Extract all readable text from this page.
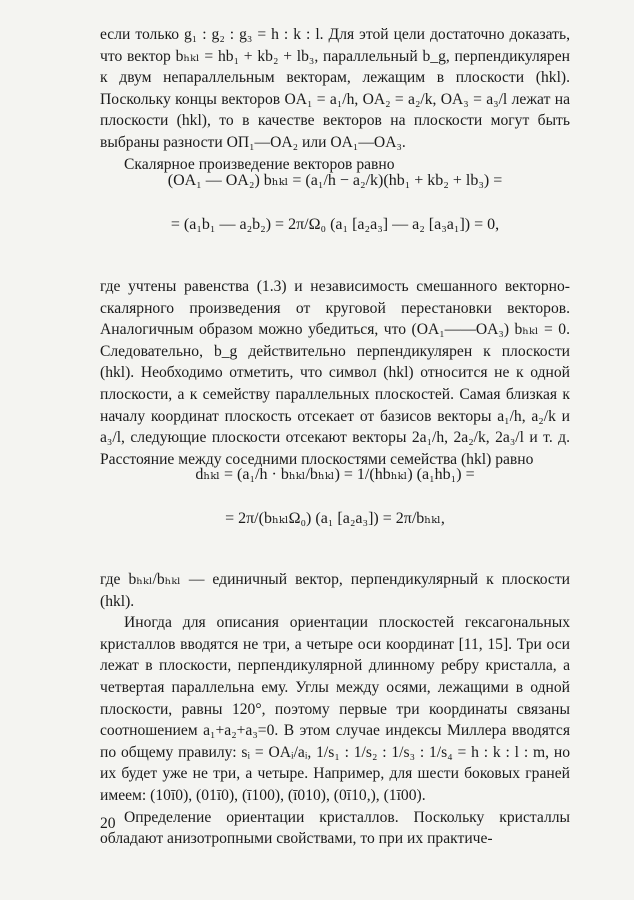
если только g₁ : g₂ : g₃ = h : k : l. Для этой цели достаточно доказать, что вектор bₕₖₗ = hb₁ + kb₂ + lb₃, параллельный b_g, перпендикулярен к двум непараллельным векторам, лежащим в плоскости (hkl). Поскольку концы векторов OA₁ = a₁/h, OA₂ = a₂/k, OA₃ = a₃/l лежат на плоскости (hkl), то в качестве векторов на плоскости могут быть выбраны разности OП₁—OA₂ или OA₁—OA₃.

Скалярное произведение векторов равно

(OA₁ — OA₂) bₕₖₗ = (a₁/h − a₂/k)(hb₁ + kb₂ + lb₃) =
= (a₁b₁ — a₂b₂) = 2π/Ω₀ (a₁ [a₂a₃] — a₂ [a₃a₁]) = 0,

где учтены равенства (1.3) и независимость смешанного векторно-скалярного произведения от круговой перестановки векторов. Аналогичным образом можно убедиться, что (OA₁——OA₃) bₕₖₗ = 0. Следовательно, b_g действительно перпендикулярен к плоскости (hkl). Необходимо отметить, что символ (hkl) относится не к одной плоскости, а к семейству параллельных плоскостей. Самая близкая к началу координат плоскость отсекает от базисов векторы a₁/h, a₂/k и a₃/l, следующие плоскости отсекают векторы 2a₁/h, 2a₂/k, 2a₃/l и т. д. Расстояние между соседними плоскостями семейства (hkl) равно

dₕₖₗ = (a₁/h · bₕₖₗ/bₕₖₗ) = 1/(hbₕₖₗ) (a₁hb₁) =
= 2π/(bₕₖₗΩ₀) (a₁ [a₂a₃]) = 2π/bₕₖₗ,

где bₕₖₗ/bₕₖₗ — единичный вектор, перпендикулярный к плоскости (hkl).

Иногда для описания ориентации плоскостей гексагональных кристаллов вводятся не три, а четыре оси координат [11, 15]. Три оси лежат в плоскости, перпендикулярной длинному ребру кристалла, а четвертая параллельна ему. Углы между осями, лежащими в одной плоскости, равны 120°, поэтому первые три координаты связаны соотношением a₁+a₂+a₃=0. В этом случае индексы Миллера вводятся по общему правилу: sᵢ = OAᵢ/aᵢ, 1/s₁ : 1/s₂ : 1/s₃ : 1/s₄ = h : k : l : m, но их будет уже не три, а четыре. Например, для шести боковых граней имеем: (10ī0), (01ī0), (ī100), (ī010), (0ī10,), (1ī00).

Определение ориентации кристаллов. Поскольку кристаллы обладают анизотропными свойствами, то при их практиче-

20
